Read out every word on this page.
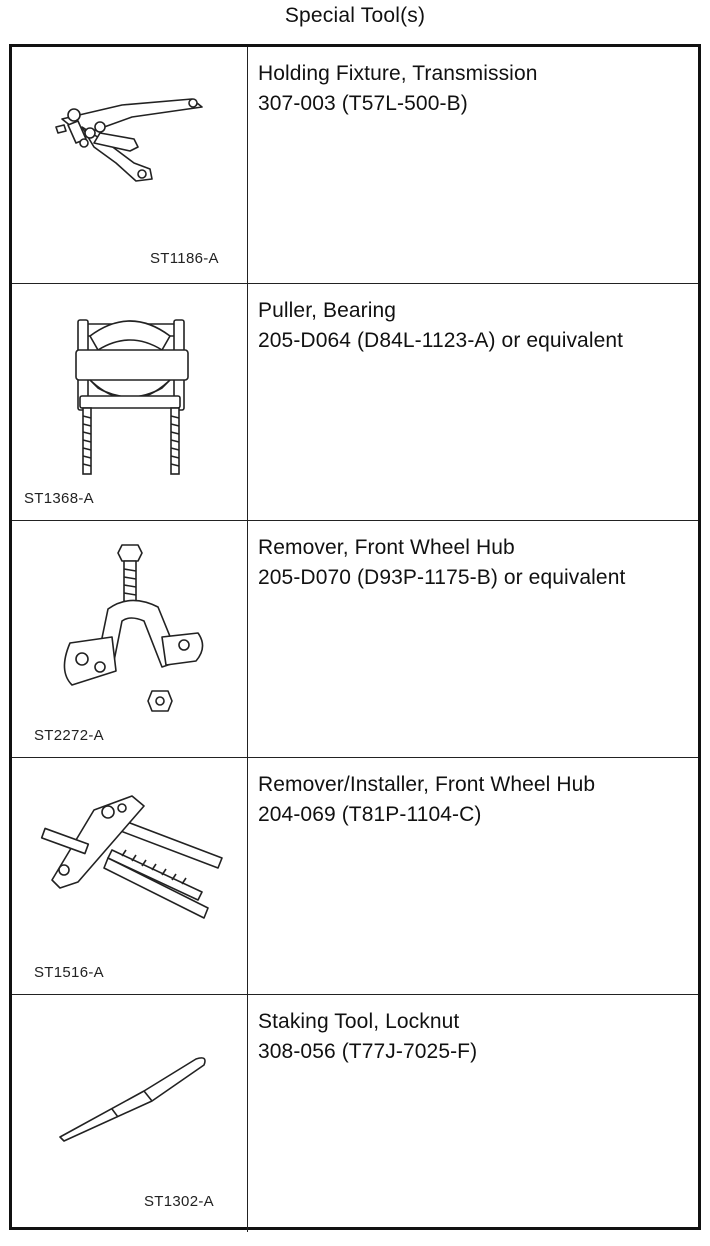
Special Tool(s)
ST1186-A
Holding Fixture, Transmission
307-003 (T57L-500-B)
ST1368-A
Puller, Bearing
205-D064 (D84L-1123-A) or equivalent
ST2272-A
Remover, Front Wheel Hub
205-D070 (D93P-1175-B) or equivalent
ST1516-A
Remover/Installer, Front Wheel Hub
204-069 (T81P-1104-C)
ST1302-A
Staking Tool, Locknut
308-056 (T77J-7025-F)
